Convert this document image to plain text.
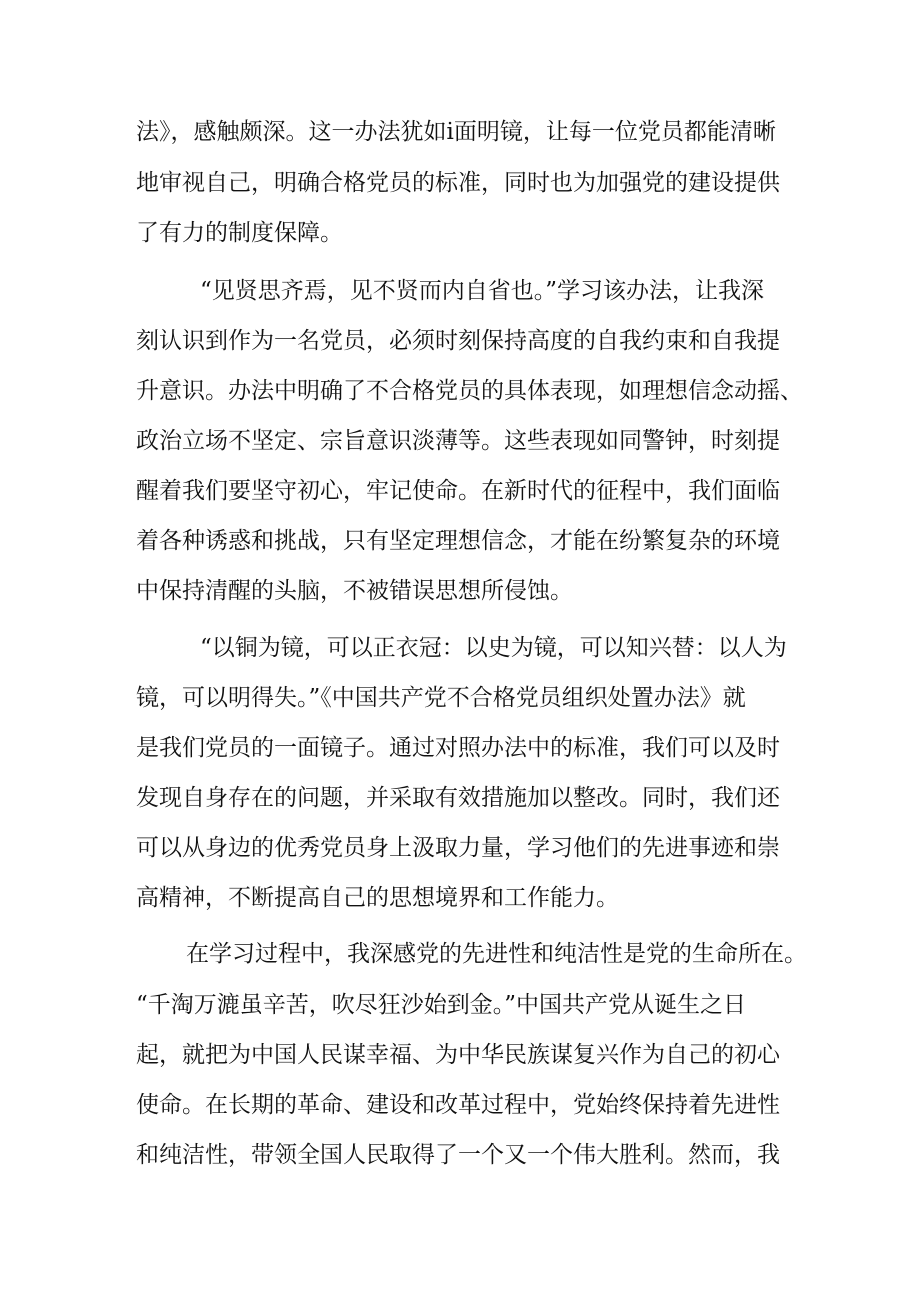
法》，感触颇深。这一办法犹如i面明镜，让每一位党员都能清晰

地审视自己，明确合格党员的标准，同时也为加强党的建设提供

了有力的制度保障。

“见贤思齐焉，见不贤而内自省也。”学习该办法，让我深

刻认识到作为一名党员，必须时刻保持高度的自我约束和自我提

升意识。办法中明确了不合格党员的具体表现，如理想信念动摇、

政治立场不坚定、宗旨意识淡薄等。这些表现如同警钟，时刻提

醒着我们要坚守初心，牢记使命。在新时代的征程中，我们面临

着各种诱惑和挑战，只有坚定理想信念，才能在纷繁复杂的环境

中保持清醒的头脑，不被错误思想所侵蚀。

“以铜为镜，可以正衣冠：以史为镜，可以知兴替：以人为

镜，可以明得失。”《中国共产党不合格党员组织处置办法》就

是我们党员的一面镜子。通过对照办法中的标准，我们可以及时

发现自身存在的问题，并采取有效措施加以整改。同时，我们还

可以从身边的优秀党员身上汲取力量，学习他们的先进事迹和崇

高精神，不断提高自己的思想境界和工作能力。

在学习过程中，我深感党的先进性和纯洁性是党的生命所在。

“千淘万漉虽辛苦，吹尽狂沙始到金。”中国共产党从诞生之日

起，就把为中国人民谋幸福、为中华民族谋复兴作为自己的初心

使命。在长期的革命、建设和改革过程中，党始终保持着先进性

和纯洁性，带领全国人民取得了一个又一个伟大胜利。然而，我
